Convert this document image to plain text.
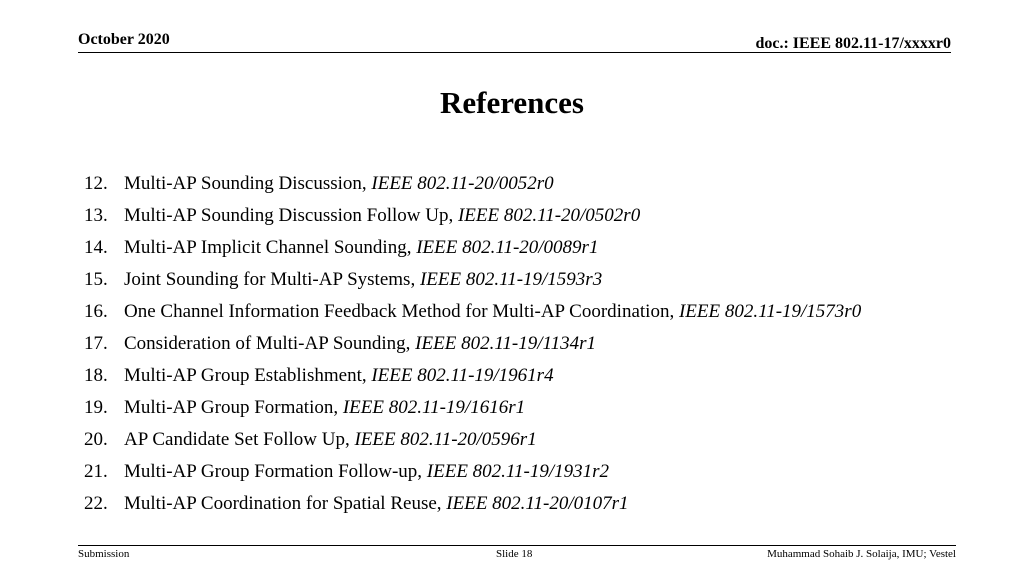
October 2020	doc.: IEEE 802.11-17/xxxxr0
References
12. Multi-AP Sounding Discussion, IEEE 802.11-20/0052r0
13. Multi-AP Sounding Discussion Follow Up, IEEE 802.11-20/0502r0
14. Multi-AP Implicit Channel Sounding, IEEE 802.11-20/0089r1
15. Joint Sounding for Multi-AP Systems, IEEE 802.11-19/1593r3
16. One Channel Information Feedback Method for Multi-AP Coordination, IEEE 802.11-19/1573r0
17. Consideration of Multi-AP Sounding, IEEE 802.11-19/1134r1
18. Multi-AP Group Establishment, IEEE 802.11-19/1961r4
19. Multi-AP Group Formation, IEEE 802.11-19/1616r1
20. AP Candidate Set Follow Up, IEEE 802.11-20/0596r1
21. Multi-AP Group Formation Follow-up, IEEE 802.11-19/1931r2
22. Multi-AP Coordination for Spatial Reuse, IEEE 802.11-20/0107r1
Submission	Slide 18	Muhammad Sohaib J. Solaija, IMU; Vestel
